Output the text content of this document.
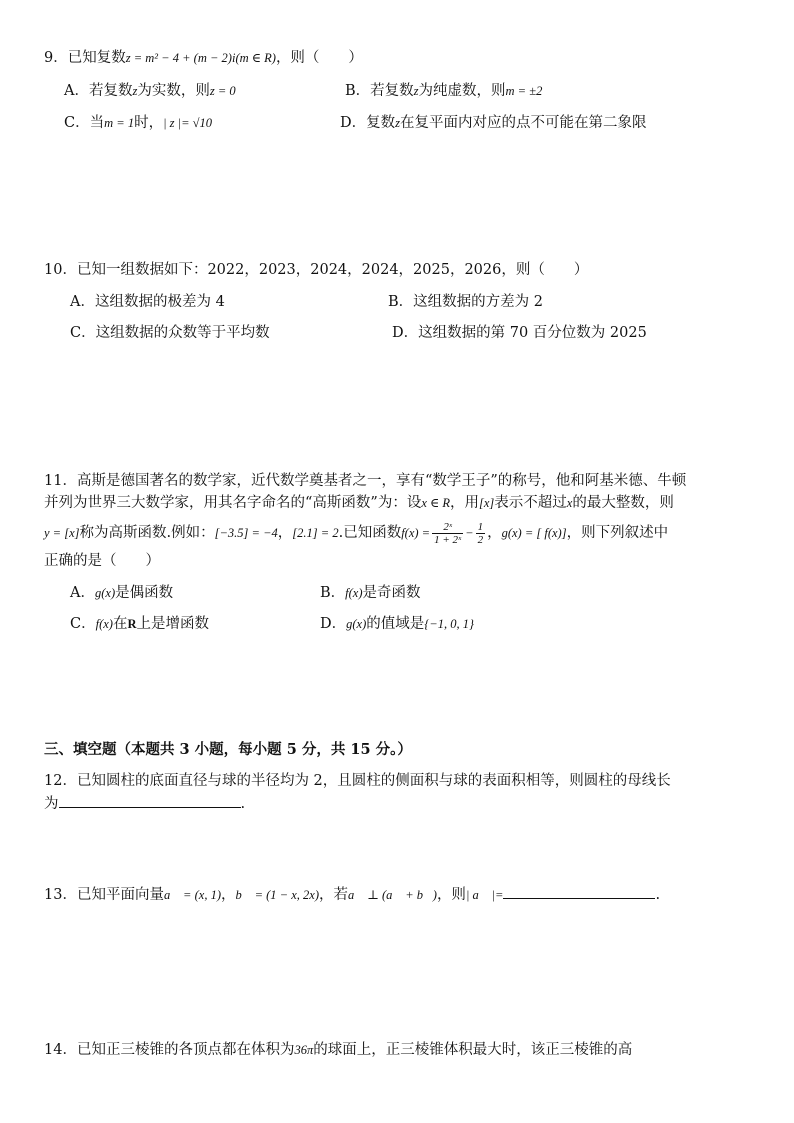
9．已知复数z = m² − 4 + (m − 2)i(m ∈ R)，则（　　）
A．若复数z为实数，则z = 0	B．若复数z为纯虚数，则m = ±2
C．当m = 1时，| z |= √10	D．复数z在复平面内对应的点不可能在第二象限
10．已知一组数据如下：2022，2023，2024，2024，2025，2026，则（　　）
A．这组数据的极差为 4	B．这组数据的方差为 2
C．这组数据的众数等于平均数	D．这组数据的第 70 百分位数为 2025
11．高斯是德国著名的数学家，近代数学奠基者之一，享有“数学王子”的称号，他和阿基米德、牛顿
并列为世界三大数学家，用其名字命名的“高斯函数”为：设x ∈ R，用[x]表示不超过x的最大整数，则
y = [x]称为高斯函数.例如：[−3.5] = −4，[2.1] = 2.已知函数$f(x) = \frac{\text{2ˣ}}{\text{1 + 2ˣ}} - \frac{1}{2}$ ，g(x) = [ f(x)]，则下列叙述中
正确的是（　　）
A．g(x)是偶函数	B．f(x)是奇函数
C．f(x)在R上是增函数	D．g(x)的值域是{−1, 0, 1}
三、填空题（本题共 3 小题，每小题 5 分，共 15 分。）
12．已知圆柱的底面直径与球的半径均为 2，且圆柱的侧面积与球的表面积相等，则圆柱的母线长
为	.
13．已知平面向量a⃗ = (x, 1)，b⃗ = (1 − x, 2x)，若a⃗ ⊥ (a⃗ + b⃗)，则| a⃗ |=	.
14．已知正三棱锥的各顶点都在体积为36π的球面上，正三棱锥体积最大时，该正三棱锥的高
